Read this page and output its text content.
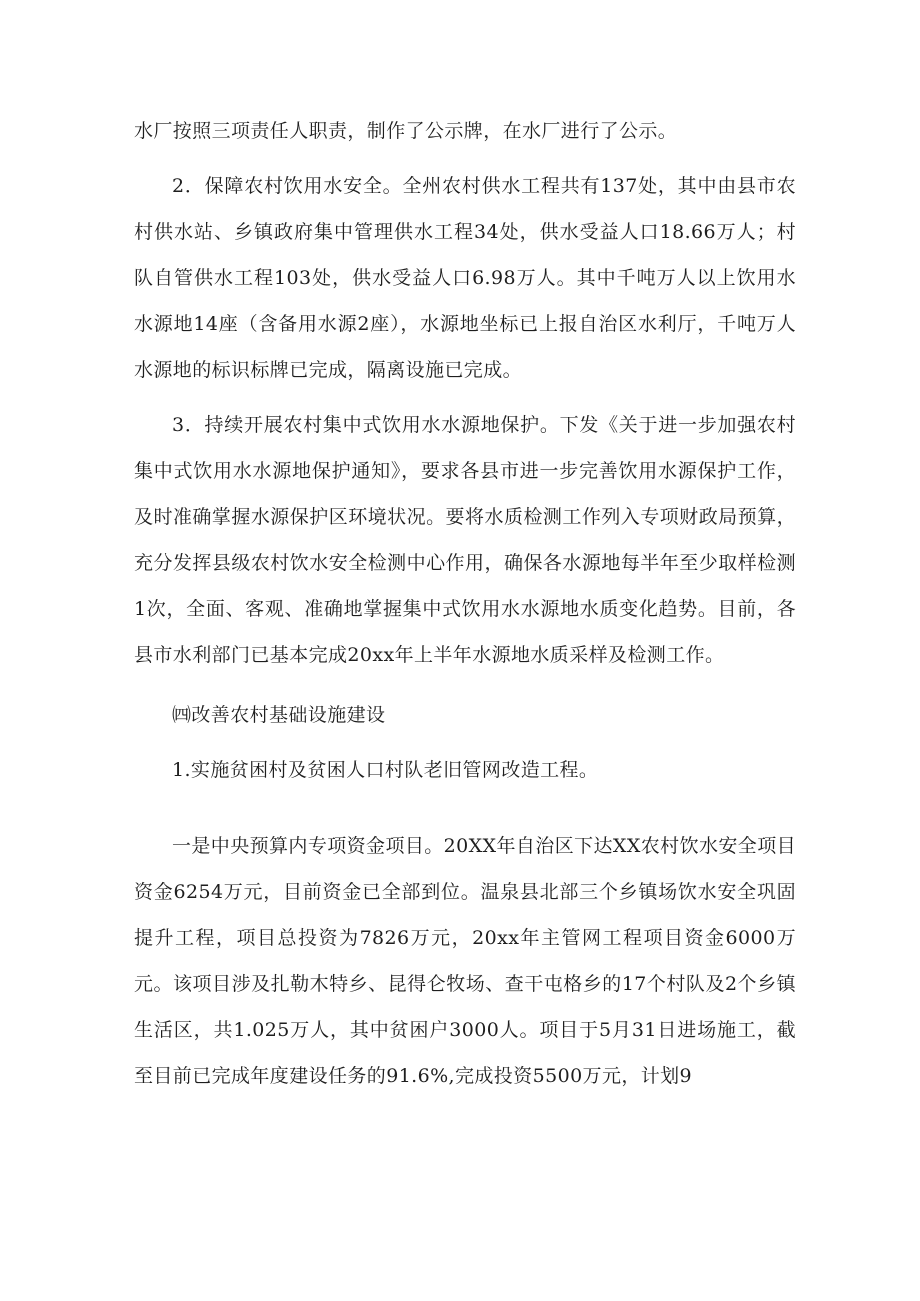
水厂按照三项责任人职责，制作了公示牌，在水厂进行了公示。

2．保障农村饮用水安全。全州农村供水工程共有137处，其中由县市农村供水站、乡镇政府集中管理供水工程34处，供水受益人口18.66万人；村队自管供水工程103处，供水受益人口6.98万人。其中千吨万人以上饮用水水源地14座（含备用水源2座），水源地坐标已上报自治区水利厅，千吨万人水源地的标识标牌已完成，隔离设施已完成。

3．持续开展农村集中式饮用水水源地保护。下发《关于进一步加强农村集中式饮用水水源地保护通知》，要求各县市进一步完善饮用水源保护工作，及时准确掌握水源保护区环境状况。要将水质检测工作列入专项财政局预算，充分发挥县级农村饮水安全检测中心作用，确保各水源地每半年至少取样检测1次，全面、客观、准确地掌握集中式饮用水水源地水质变化趋势。目前，各县市水利部门已基本完成20xx年上半年水源地水质采样及检测工作。

㈣改善农村基础设施建设

1.实施贫困村及贫困人口村队老旧管网改造工程。

一是中央预算内专项资金项目。20XX年自治区下达XX农村饮水安全项目资金6254万元，目前资金已全部到位。温泉县北部三个乡镇场饮水安全巩固提升工程，项目总投资为7826万元，20xx年主管网工程项目资金6000万元。该项目涉及扎勒木特乡、昆得仑牧场、查干屯格乡的17个村队及2个乡镇生活区，共1.025万人，其中贫困户3000人。项目于5月31日进场施工，截至目前已完成年度建设任务的91.6%,完成投资5500万元，计划9
